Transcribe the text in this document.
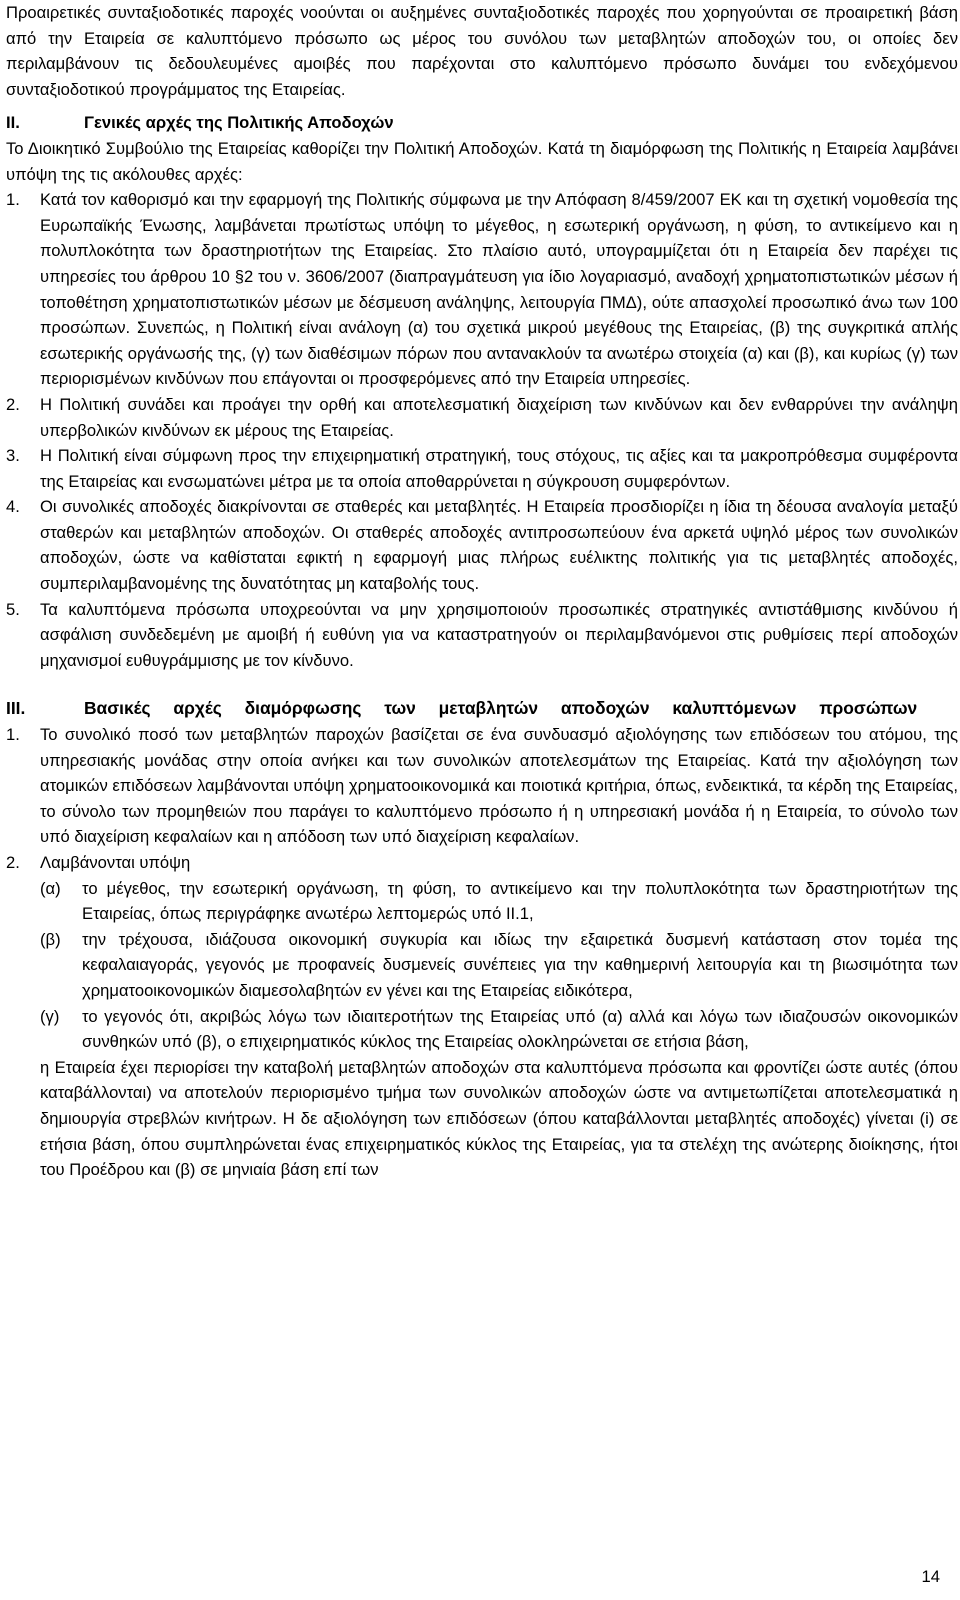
Προαιρετικές συνταξιοδοτικές παροχές νοούνται οι αυξημένες συνταξιοδοτικές παροχές που χορηγούνται σε προαιρετική βάση από την Εταιρεία σε καλυπτόμενο πρόσωπο ως μέρος του συνόλου των μεταβλητών αποδοχών του, οι οποίες δεν περιλαμβάνουν τις δεδουλευμένες αμοιβές που παρέχονται στο καλυπτόμενο πρόσωπο δυνάμει του ενδεχόμενου συνταξιοδοτικού προγράμματος της Εταιρείας.

ΙΙ.	Γενικές αρχές της Πολιτικής Αποδοχών

Το Διοικητικό Συμβούλιο της Εταιρείας καθορίζει την Πολιτική Αποδοχών. Κατά τη διαμόρφωση της Πολιτικής η Εταιρεία λαμβάνει υπόψη της τις ακόλουθες αρχές:

1.	Κατά τον καθορισμό και την εφαρμογή της Πολιτικής σύμφωνα με την Απόφαση 8/459/2007 ΕΚ και τη σχετική νομοθεσία της Ευρωπαϊκής Ένωσης, λαμβάνεται πρωτίστως υπόψη το μέγεθος, η εσωτερική οργάνωση, η φύση, το αντικείμενο και η πολυπλοκότητα των δραστηριοτήτων της Εταιρείας. Στο πλαίσιο αυτό, υπογραμμίζεται ότι η Εταιρεία δεν παρέχει τις υπηρεσίες του άρθρου 10 §2 του ν. 3606/2007 (διαπραγμάτευση για ίδιο λογαριασμό, αναδοχή χρηματοπιστωτικών μέσων ή τοποθέτηση χρηματοπιστωτικών μέσων με δέσμευση ανάληψης, λειτουργία ΠΜΔ), ούτε απασχολεί προσωπικό άνω των 100 προσώπων. Συνεπώς, η Πολιτική είναι ανάλογη (α) του σχετικά μικρού μεγέθους της Εταιρείας, (β) της συγκριτικά απλής εσωτερικής οργάνωσής της, (γ) των διαθέσιμων πόρων που αντανακλούν τα ανωτέρω στοιχεία (α) και (β), και κυρίως (γ) των περιορισμένων κινδύνων που επάγονται οι προσφερόμενες από την Εταιρεία υπηρεσίες.
2.	Η Πολιτική συνάδει και προάγει την ορθή και αποτελεσματική διαχείριση των κινδύνων και δεν ενθαρρύνει την ανάληψη υπερβολικών κινδύνων εκ μέρους της Εταιρείας.
3.	Η Πολιτική είναι σύμφωνη προς την επιχειρηματική στρατηγική, τους στόχους, τις αξίες και τα μακροπρόθεσμα συμφέροντα της Εταιρείας και ενσωματώνει μέτρα με τα οποία αποθαρρύνεται η σύγκρουση συμφερόντων.
4.	Οι συνολικές αποδοχές διακρίνονται σε σταθερές και μεταβλητές. Η Εταιρεία προσδιορίζει η ίδια τη δέουσα αναλογία μεταξύ σταθερών και μεταβλητών αποδοχών. Οι σταθερές αποδοχές αντιπροσωπεύουν ένα αρκετά υψηλό μέρος των συνολικών αποδοχών, ώστε να καθίσταται εφικτή η εφαρμογή μιας πλήρως ευέλικτης πολιτικής για τις μεταβλητές αποδοχές, συμπεριλαμβανομένης της δυνατότητας μη καταβολής τους.
5.	Τα καλυπτόμενα πρόσωπα υποχρεούνται να μην χρησιμοποιούν προσωπικές στρατηγικές αντιστάθμισης κινδύνου ή ασφάλιση συνδεδεμένη με αμοιβή ή ευθύνη για να καταστρατηγούν οι περιλαμβανόμενοι στις ρυθμίσεις περί αποδοχών μηχανισμοί ευθυγράμμισης με τον κίνδυνο.
ΙΙΙ.	Βασικές αρχές διαμόρφωσης των μεταβλητών αποδοχών καλυπτόμενων προσώπων
1.	Το συνολικό ποσό των μεταβλητών παροχών βασίζεται σε ένα συνδυασμό αξιολόγησης των επιδόσεων του ατόμου, της υπηρεσιακής μονάδας στην οποία ανήκει και των συνολικών αποτελεσμάτων της Εταιρείας. Κατά την αξιολόγηση των ατομικών επιδόσεων λαμβάνονται υπόψη χρηματοοικονομικά και ποιοτικά κριτήρια, όπως, ενδεικτικά, τα κέρδη της Εταιρείας, το σύνολο των προμηθειών που παράγει το καλυπτόμενο πρόσωπο ή η υπηρεσιακή μονάδα ή η Εταιρεία, το σύνολο των υπό διαχείριση κεφαλαίων και η απόδοση των υπό διαχείριση κεφαλαίων.
2.	Λαμβάνονται υπόψη
(α)	το μέγεθος, την εσωτερική οργάνωση, τη φύση, το αντικείμενο και την πολυπλοκότητα των δραστηριοτήτων της Εταιρείας, όπως περιγράφηκε ανωτέρω λεπτομερώς υπό ΙΙ.1,
(β)	την τρέχουσα, ιδιάζουσα οικονομική συγκυρία και ιδίως την εξαιρετικά δυσμενή κατάσταση στον τομέα της κεφαλαιαγοράς, γεγονός με προφανείς δυσμενείς συνέπειες για την καθημερινή λειτουργία και τη βιωσιμότητα των χρηματοοικονομικών διαμεσολαβητών εν γένει και της Εταιρείας ειδικότερα,
(γ)	το γεγονός ότι, ακριβώς λόγω των ιδιαιτεροτήτων της Εταιρείας υπό (α) αλλά και λόγω των ιδιαζουσών οικονομικών συνθηκών υπό (β), ο επιχειρηματικός κύκλος της Εταιρείας ολοκληρώνεται σε ετήσια βάση,

η Εταιρεία έχει περιορίσει την καταβολή μεταβλητών αποδοχών στα καλυπτόμενα πρόσωπα και φροντίζει ώστε αυτές (όπου καταβάλλονται) να αποτελούν περιορισμένο τμήμα των συνολικών αποδοχών ώστε να αντιμετωπίζεται αποτελεσματικά η δημιουργία στρεβλών κινήτρων. Η δε αξιολόγηση των επιδόσεων (όπου καταβάλλονται μεταβλητές αποδοχές) γίνεται (i) σε ετήσια βάση, όπου συμπληρώνεται ένας επιχειρηματικός κύκλος της Εταιρείας, για τα στελέχη της ανώτερης διοίκησης, ήτοι του Προέδρου και (β) σε μηνιαία βάση επί των

14
